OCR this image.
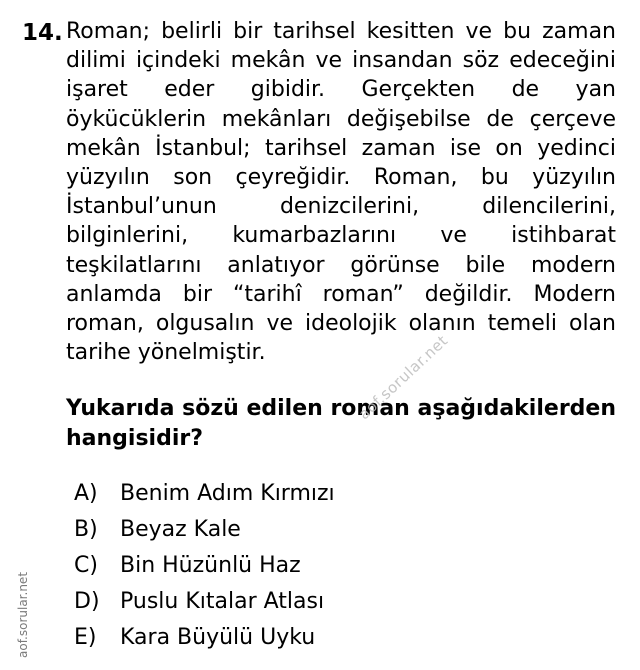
14. Roman; belirli bir tarihsel kesitten ve bu zaman
dilimi içindeki mekân ve insandan söz edeceğini
işaret eder gibidir. Gerçekten de yan
öykücüklerin mekânları değişebilse de çerçeve
mekân İstanbul; tarihsel zaman ise on yedinci
yüzyılın son çeyreğidir. Roman, bu yüzyılın
İstanbul’unun denizcilerini, dilencilerini,
bilginlerini, kumarbazlarını ve istihbarat
teşkilatlarını anlatıyor görünse bile modern
anlamda bir “tarihî roman” değildir. Modern
roman, olgusalın ve ideolojik olanın temeli olan
tarihe yönelmiştir.
Yukarıda sözü edilen roman aşağıdakilerden
hangisidir?
A)	Benim Adım Kırmızı
B)	Beyaz Kale
C)	Bin Hüzünlü Haz
D) Puslu Kıtalar Atlası
E)	Kara Büyülü Uyku
aof.sorular.net
aof.sorular.net
